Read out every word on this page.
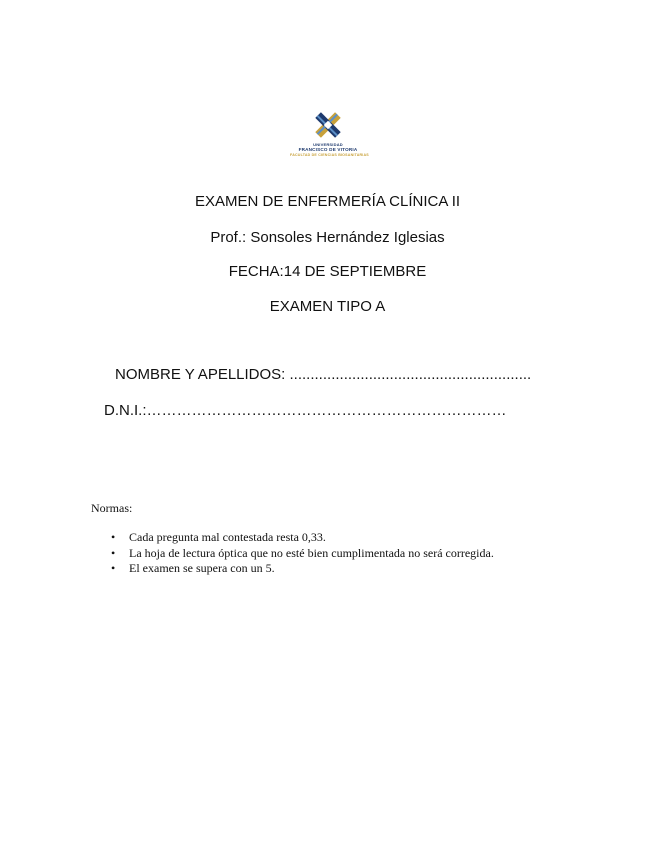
UNIVERSIDAD
FRANCISCO DE VITORIA
FACULTAD DE CIENCIAS BIOSANITARIAS
EXAMEN DE ENFERMERÍA CLÍNICA II
Prof.: Sonsoles Hernández Iglesias
FECHA:14 DE SEPTIEMBRE
EXAMEN TIPO A
NOMBRE Y APELLIDOS: ..........................................................
D.N.I.:………………………………………………………………
Normas:
• Cada pregunta mal contestada resta 0,33.
• La hoja de lectura óptica que no esté bien cumplimentada no será corregida.
• El examen se supera con un 5.
